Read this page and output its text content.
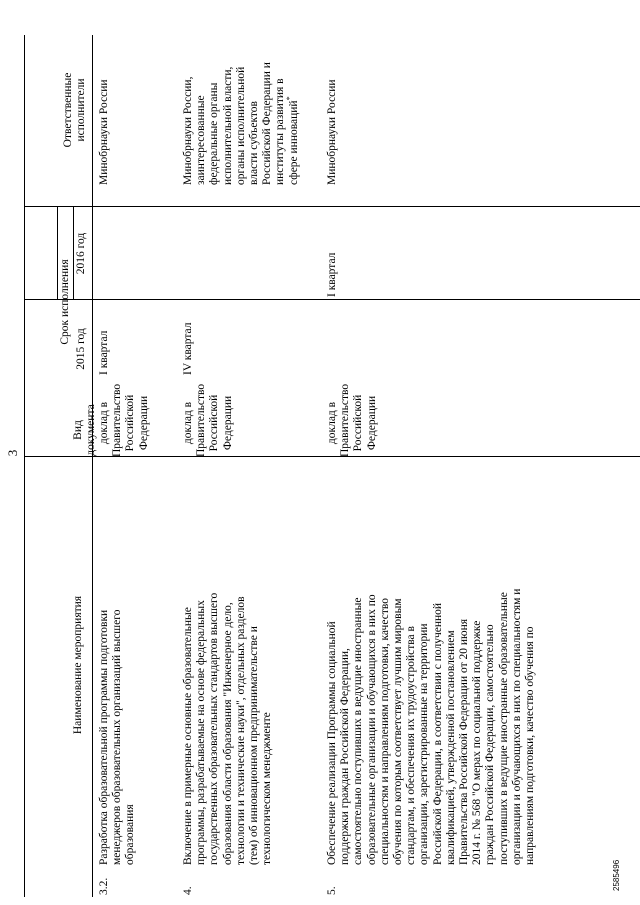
3
2585496
Наименование мероприятия
Вид документа
Срок исполнения
2015 год
2016 год
Ответственные исполнители
3.2.
Разработка образовательной программы подготовки менеджеров образовательных организаций высшего образования
доклад в Правительство Российской Федерации
I квартал
Минобрнауки России
4.
Включение в примерные основные образовательные программы, разрабатываемые на основе федеральных государственных образовательных стандартов высшего образования области образования "Инженерное дело, технологии и технические науки", отдельных разделов (тем) об инновационном предпринимательстве и технологическом менеджменте
доклад в Правительство Российской Федерации
IV квартал
Минобрнауки России, заинтересованные федеральные органы исполнительной власти, органы исполнительной власти субъектов Российской Федерации и институты развития в сфере инноваций*
5.
Обеспечение реализации Программы социальной поддержки граждан Российской Федерации, самостоятельно поступивших в ведущие иностранные образовательные организации и обучающихся в них по специальностям и направлениям подготовки, качество обучения по которым соответствует лучшим мировым стандартам, и обеспечения их трудоустройства в организации, зарегистрированные на территории Российской Федерации, в соответствии с полученной квалификацией, утвержденной постановлением Правительства Российской Федерации от 20 июня 2014 г. № 568 "О мерах по социальной поддержке граждан Российской Федерации, самостоятельно поступивших в ведущие иностранные образовательные организации и обучающихся в них по специальностям и направлениям подготовки, качество обучения по
доклад в Правительство Российской Федерации
I квартал
Минобрнауки России
